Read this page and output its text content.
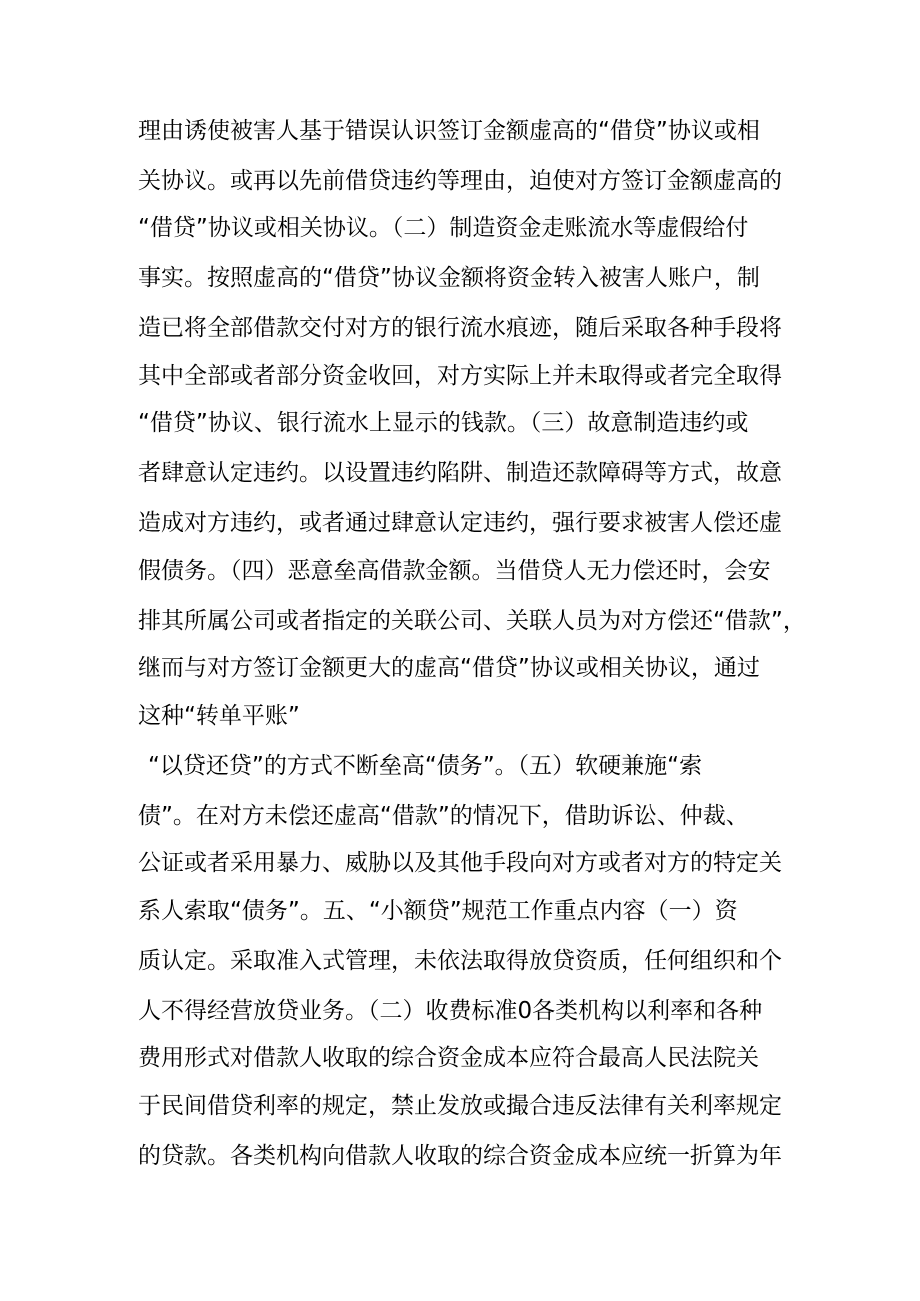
理由诱使被害人基于错误认识签订金额虚高的“借贷”协议或相
关协议。或再以先前借贷违约等理由，迫使对方签订金额虚高的
“借贷”协议或相关协议。（二）制造资金走账流水等虚假给付
事实。按照虚高的“借贷”协议金额将资金转入被害人账户，制
造已将全部借款交付对方的银行流水痕迹，随后采取各种手段将
其中全部或者部分资金收回，对方实际上并未取得或者完全取得
“借贷”协议、银行流水上显示的钱款。（三）故意制造违约或
者肆意认定违约。以设置违约陷阱、制造还款障碍等方式，故意
造成对方违约，或者通过肆意认定违约，强行要求被害人偿还虚
假债务。（四）恶意垒高借款金额。当借贷人无力偿还时，会安
排其所属公司或者指定的关联公司、关联人员为对方偿还“借款”，
继而与对方签订金额更大的虚高“借贷”协议或相关协议，通过
这种“转单平账”
“以贷还贷”的方式不断垒高“债务”。（五）软硬兼施“索
债”。在对方未偿还虚高“借款”的情况下，借助诉讼、仲裁、
公证或者采用暴力、威胁以及其他手段向对方或者对方的特定关
系人索取“债务”。五、“小额贷”规范工作重点内容（一）资
质认定。采取准入式管理，未依法取得放贷资质，任何组织和个
人不得经营放贷业务。（二）收费标准0各类机构以利率和各种
费用形式对借款人收取的综合资金成本应符合最高人民法院关
于民间借贷利率的规定，禁止发放或撮合违反法律有关利率规定
的贷款。各类机构向借款人收取的综合资金成本应统一折算为年
